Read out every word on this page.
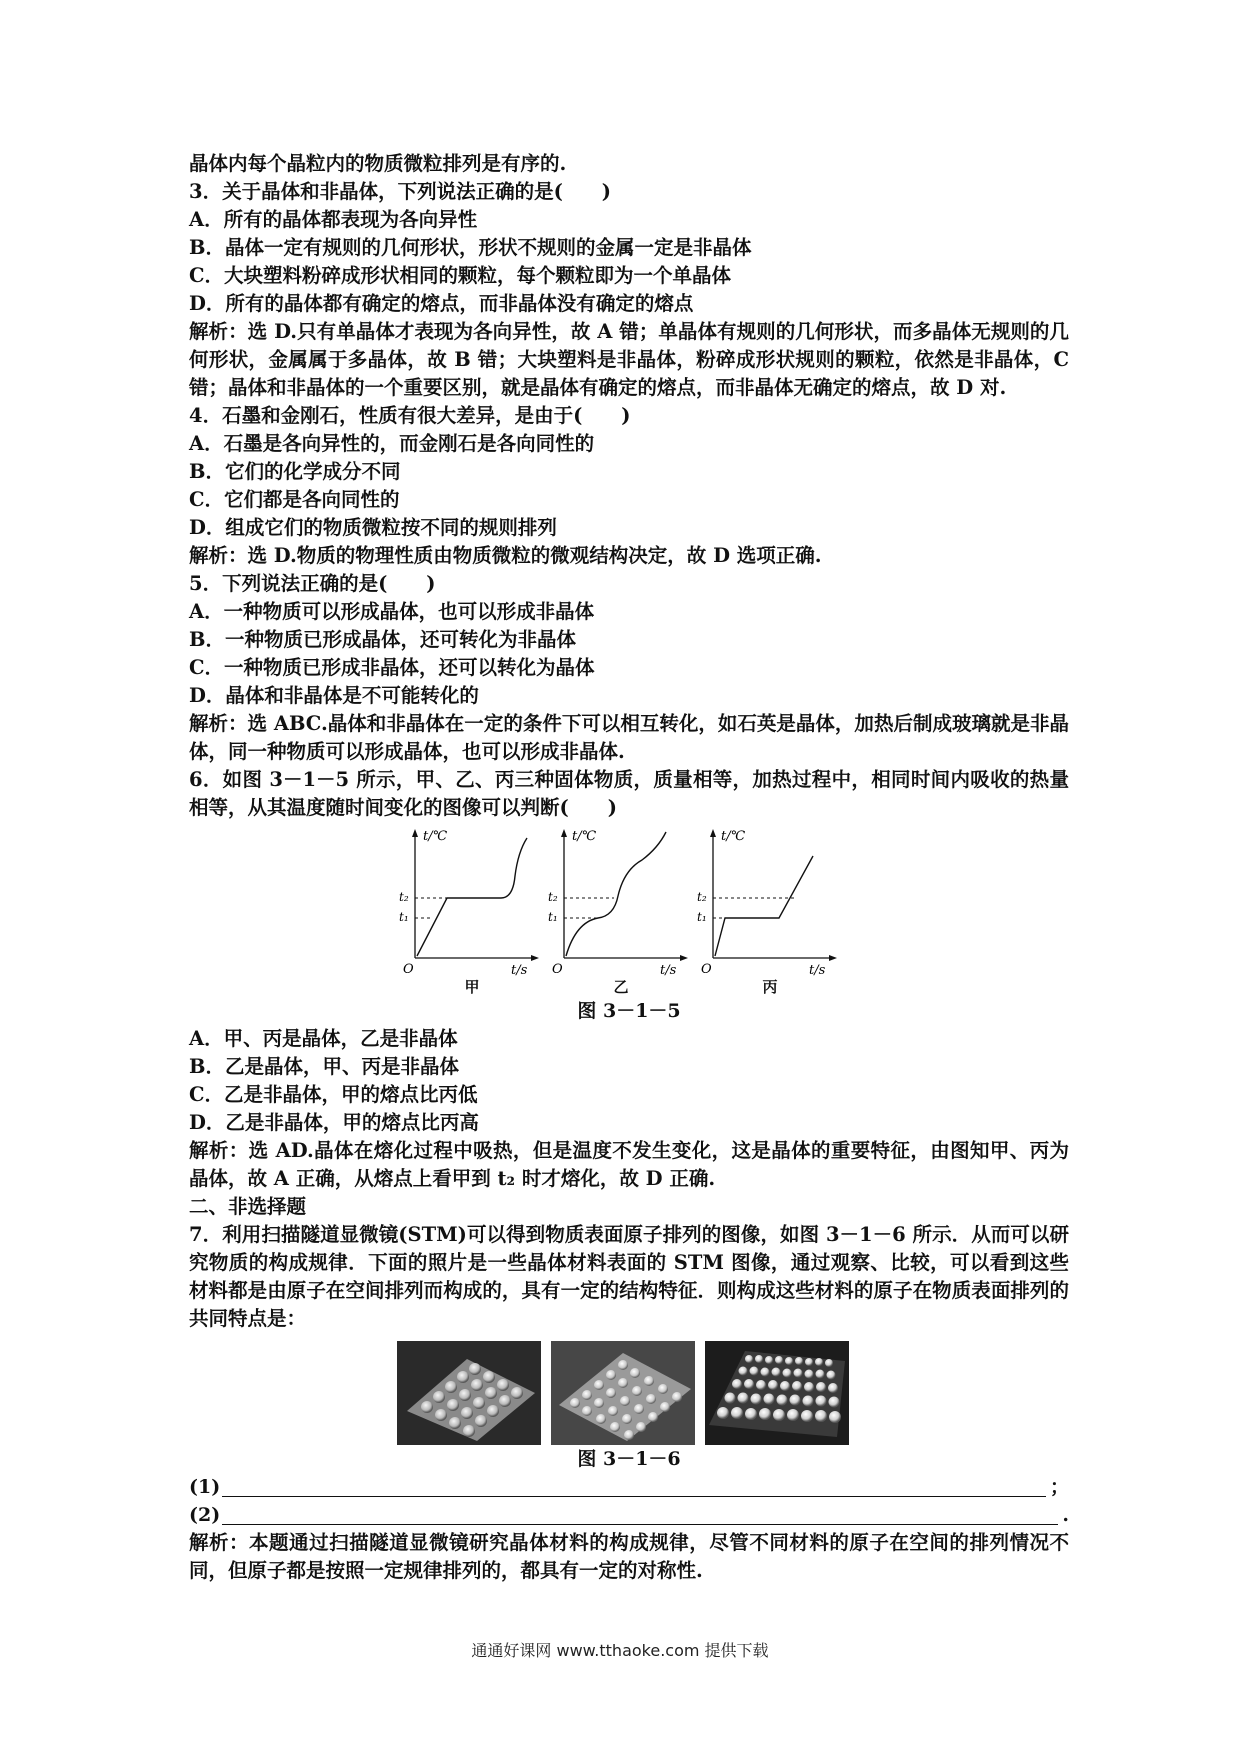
晶体内每个晶粒内的物质微粒排列是有序的.
3．关于晶体和非晶体，下列说法正确的是(　　)
A．所有的晶体都表现为各向异性
B．晶体一定有规则的几何形状，形状不规则的金属一定是非晶体
C．大块塑料粉碎成形状相同的颗粒，每个颗粒即为一个单晶体
D．所有的晶体都有确定的熔点，而非晶体没有确定的熔点
解析：选 D.只有单晶体才表现为各向异性，故 A 错；单晶体有规则的几何形状，而多晶体无规则的几何形状，金属属于多晶体，故 B 错；大块塑料是非晶体，粉碎成形状规则的颗粒，依然是非晶体，C 错；晶体和非晶体的一个重要区别，就是晶体有确定的熔点，而非晶体无确定的熔点，故 D 对.
4．石墨和金刚石，性质有很大差异，是由于(　　)
A．石墨是各向异性的，而金刚石是各向同性的
B．它们的化学成分不同
C．它们都是各向同性的
D．组成它们的物质微粒按不同的规则排列
解析：选 D.物质的物理性质由物质微粒的微观结构决定，故 D 选项正确.
5．下列说法正确的是(　　)
A．一种物质可以形成晶体，也可以形成非晶体
B．一种物质已形成晶体，还可转化为非晶体
C．一种物质已形成非晶体，还可以转化为晶体
D．晶体和非晶体是不可能转化的
解析：选 ABC.晶体和非晶体在一定的条件下可以相互转化，如石英是晶体，加热后制成玻璃就是非晶体，同一种物质可以形成晶体，也可以形成非晶体.
6．如图 3－1－5 所示，甲、乙、丙三种固体物质，质量相等，加热过程中，相同时间内吸收的热量相等，从其温度随时间变化的图像可以判断(　　)
t/℃
t/s
O
t₂
t₁
t/℃
t/s
O
t₂
t₁
t/℃
t/s
O
t₂
t₁
甲	乙	丙
图 3－1－5
A．甲、丙是晶体，乙是非晶体
B．乙是晶体，甲、丙是非晶体
C．乙是非晶体，甲的熔点比丙低
D．乙是非晶体，甲的熔点比丙高
解析：选 AD.晶体在熔化过程中吸热，但是温度不发生变化，这是晶体的重要特征，由图知甲、丙为晶体，故 A 正确，从熔点上看甲到 t₂ 时才熔化，故 D 正确.
二、非选择题
7．利用扫描隧道显微镜(STM)可以得到物质表面原子排列的图像，如图 3－1－6 所示．从而可以研究物质的构成规律．下面的照片是一些晶体材料表面的 STM 图像，通过观察、比较，可以看到这些材料都是由原子在空间排列而构成的，具有一定的结构特征．则构成这些材料的原子在物质表面排列的共同特点是：
图 3－1－6
(1)	；
(2)	.
解析：本题通过扫描隧道显微镜研究晶体材料的构成规律，尽管不同材料的原子在空间的排列情况不同，但原子都是按照一定规律排列的，都具有一定的对称性.
通通好课网 www.tthaoke.com 提供下载
